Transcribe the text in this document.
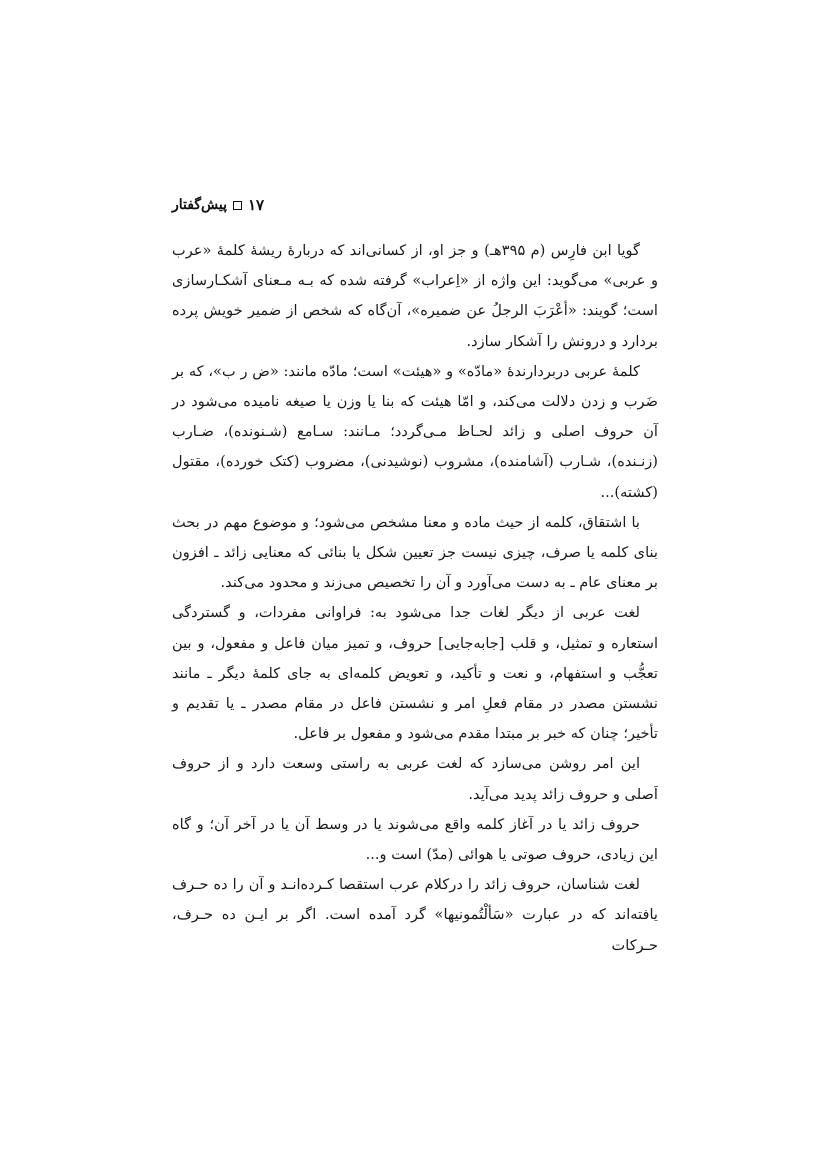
پیش‌گفتار ۱۷

گویا ابن فارِس (م ۳۹۵هـ) و جز او، از کسانی‌اند که دربارهٔ ریشهٔ کلمهٔ «عرب و عربی» می‌گوید: این واژه از «اِعراب» گرفته شده که بـه مـعنای آشکـارسازی است؛ گویند: «أعْرَبَ الرجلُ عن ضمیره»، آن‌گاه که شخص از ضمیر خویش پرده بردارد و درونش را آشکار سازد.

کلمهٔ عربی دربردارندهٔ «مادّه» و «هیئت» است؛ مادّه مانند: «ض ر ب»، که بر ضَرب و زدن دلالت می‌کند، و امّا هیئت که بنا یا وزن یا صیغه نامیده می‌شود در آن حروف اصلی و زائد لحـاظ مـی‌گردد؛ مـانند: سـامع (شـنونده)، ضـارب (زنـنده)، شـارب (آشامنده)، مشروب (نوشیدنی)، مضروب (کتک خورده)، مقتول (کشته)...

با اشتقاق، کلمه از حیث ماده و معنا مشخص می‌شود؛ و موضوع مهم در بحث بنای کلمه یا صرف، چیزی نیست جز تعیین شکل یا بنائی که معنایی زائد ـ افزون بر معنای عام ـ به دست می‌آورد و آن را تخصیص می‌زند و محدود می‌کند.

لغت عربی از دیگر لغات جدا می‌شود به: فراوانی مفردات، و گستردگی استعاره و تمثیل، و قلب [جابه‌جایی] حروف، و تمیز میان فاعل و مفعول، و بین تعجُّب و استفهام، و نعت و تأکید، و تعویض کلمه‌ای به جای کلمهٔ دیگر ـ مانند نشستن مصدر در مقام فعلِ امر و نشستن فاعل در مقام مصدر ـ یا تقدیم و تأخیر؛ چنان که خبر بر مبتدا مقدم می‌شود و مفعول بر فاعل.

این امر روشن می‌سازد که لغت عربی به راستی وسعت دارد و از حروف اَصلی و حروف زائد پدید می‌آید.

حروف زائد یا در آغاز کلمه واقع می‌شوند یا در وسط آن یا در آخر آن؛ و گاه این زیادی، حروف صوتی یا هوائی (مدّ) است و...

لغت شناسان، حروف زائد را درکلام عرب استقصا کـرده‌انـد و آن را ده حـرف یافته‌اند که در عبارت «سَألْتُمونیها» گرد آمده است. اگر بر ایـن ده حـرف، حـرکات
